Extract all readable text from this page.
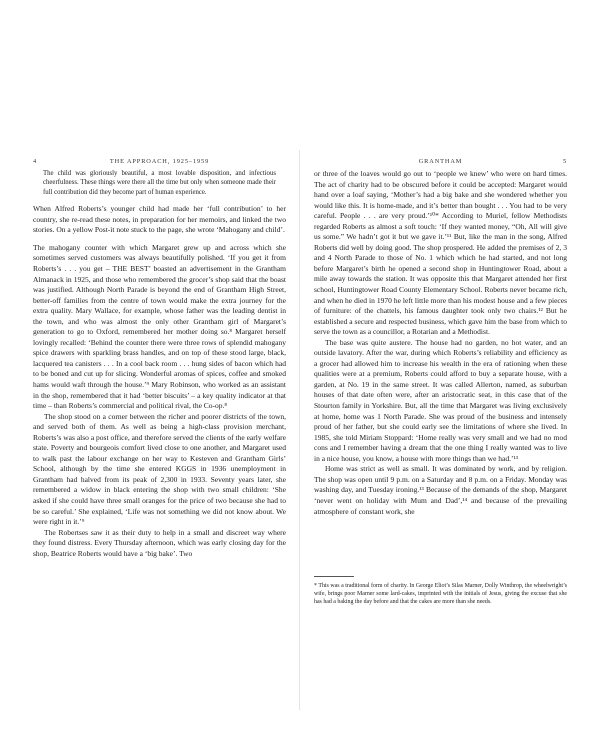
4	THE APPROACH, 1925–1959	GRANTHAM	5

The child was gloriously beautiful, a most lovable disposition, and infectious cheerfulness. These things were there all the time but only when someone made their full contribution did they become part of human experience.

When Alfred Roberts’s younger child had made her ‘full contribution’ to her country, she re-read these notes, in preparation for her memoirs, and linked the two stories. On a yellow Post-it note stuck to the page, she wrote ‘Mahogany and child’.

The mahogany counter with which Margaret grew up and across which she sometimes served customers was always beautifully polished. ‘If you get it from Roberts’s . . . you get – THE BEST’ boasted an advertisement in the Grantham Almanack in 1925, and those who remembered the grocer’s shop said that the boast was justified. Although North Parade is beyond the end of Grantham High Street, better-off families from the centre of town would make the extra journey for the extra quality. Mary Wallace, for example, whose father was the leading dentist in the town, and who was almost the only other Grantham girl of Margaret’s generation to go to Oxford, remembered her mother doing so.⁸ Margaret herself lovingly recalled: ‘Behind the counter there were three rows of splendid mahogany spice drawers with sparkling brass handles, and on top of these stood large, black, lacquered tea canisters . . . In a cool back room . . . hung sides of bacon which had to be boned and cut up for slicing. Wonderful aromas of spices, coffee and smoked hams would waft through the house.’⁹ Mary Robinson, who worked as an assistant in the shop, remembered that it had ‘better biscuits’ – a key quality indicator at that time – than Roberts’s commercial and political rival, the Co-op.⁸

The shop stood on a corner between the richer and poorer districts of the town, and served both of them. As well as being a high-class provision merchant, Roberts’s was also a post office, and therefore served the clients of the early welfare state. Poverty and bourgeois comfort lived close to one another, and Margaret used to walk past the labour exchange on her way to Kesteven and Grantham Girls’ School, although by the time she entered KGGS in 1936 unemployment in Grantham had halved from its peak of 2,300 in 1933. Seventy years later, she remembered a widow in black entering the shop with two small children: ‘She asked if she could have three small oranges for the price of two because she had to be so careful.’ She explained, ‘Life was not something we did not know about. We were right in it.’⁹

The Robertses saw it as their duty to help in a small and discreet way where they found distress. Every Thursday afternoon, which was early closing day for the shop, Beatrice Roberts would have a ‘big bake’. Two

or three of the loaves would go out to ‘people we knew’ who were on hard times. The act of charity had to be obscured before it could be accepted: Margaret would hand over a loaf saying, ‘Mother’s had a big bake and she wondered whether you would like this. It is home-made, and it’s better than bought . . . You had to be very careful. People . . . are very proud.’¹⁰* According to Muriel, fellow Methodists regarded Roberts as almost a soft touch: ‘If they wanted money, “Oh, All will give us some.” We hadn’t got it but we gave it.’¹¹ But, like the man in the song, Alfred Roberts did well by doing good. The shop prospered. He added the premises of 2, 3 and 4 North Parade to those of No. 1 which which he had started, and not long before Margaret’s birth he opened a second shop in Huntingtower Road, about a mile away towards the station. It was opposite this that Margaret attended her first school, Huntingtower Road County Elementary School. Roberts never became rich, and when he died in 1970 he left little more than his modest house and a few pieces of furniture: of the chattels, his famous daughter took only two chairs.¹² But he established a secure and respected business, which gave him the base from which to serve the town as a councillor, a Rotarian and a Methodist.

The base was quite austere. The house had no garden, no hot water, and an outside lavatory. After the war, during which Roberts’s reliability and efficiency as a grocer had allowed him to increase his wealth in the era of rationing when these qualities were at a premium, Roberts could afford to buy a separate house, with a garden, at No. 19 in the same street. It was called Allerton, named, as suburban houses of that date often were, after an aristocratic seat, in this case that of the Stourton family in Yorkshire. But, all the time that Margaret was living exclusively at home, home was 1 North Parade. She was proud of the business and intensely proud of her father, but she could early see the limitations of where she lived. In 1985, she told Miriam Stoppard: ‘Home really was very small and we had no mod cons and I remember having a dream that the one thing I really wanted was to live in a nice house, you know, a house with more things than we had.’¹³

Home was strict as well as small. It was dominated by work, and by religion. The shop was open until 9 p.m. on a Saturday and 8 p.m. on a Friday. Monday was washing day, and Tuesday ironing.¹³ Because of the demands of the shop, Margaret ‘never went on holiday with Mum and Dad’,¹⁴ and because of the prevailing atmosphere of constant work, she

* This was a traditional form of charity. In George Eliot’s Silas Marner, Dolly Winthrop, the wheelwright’s wife, brings poor Marner some lard-cakes, imprinted with the initials of Jesus, giving the excuse that she has had a baking the day before and that the cakes are more than she needs.
